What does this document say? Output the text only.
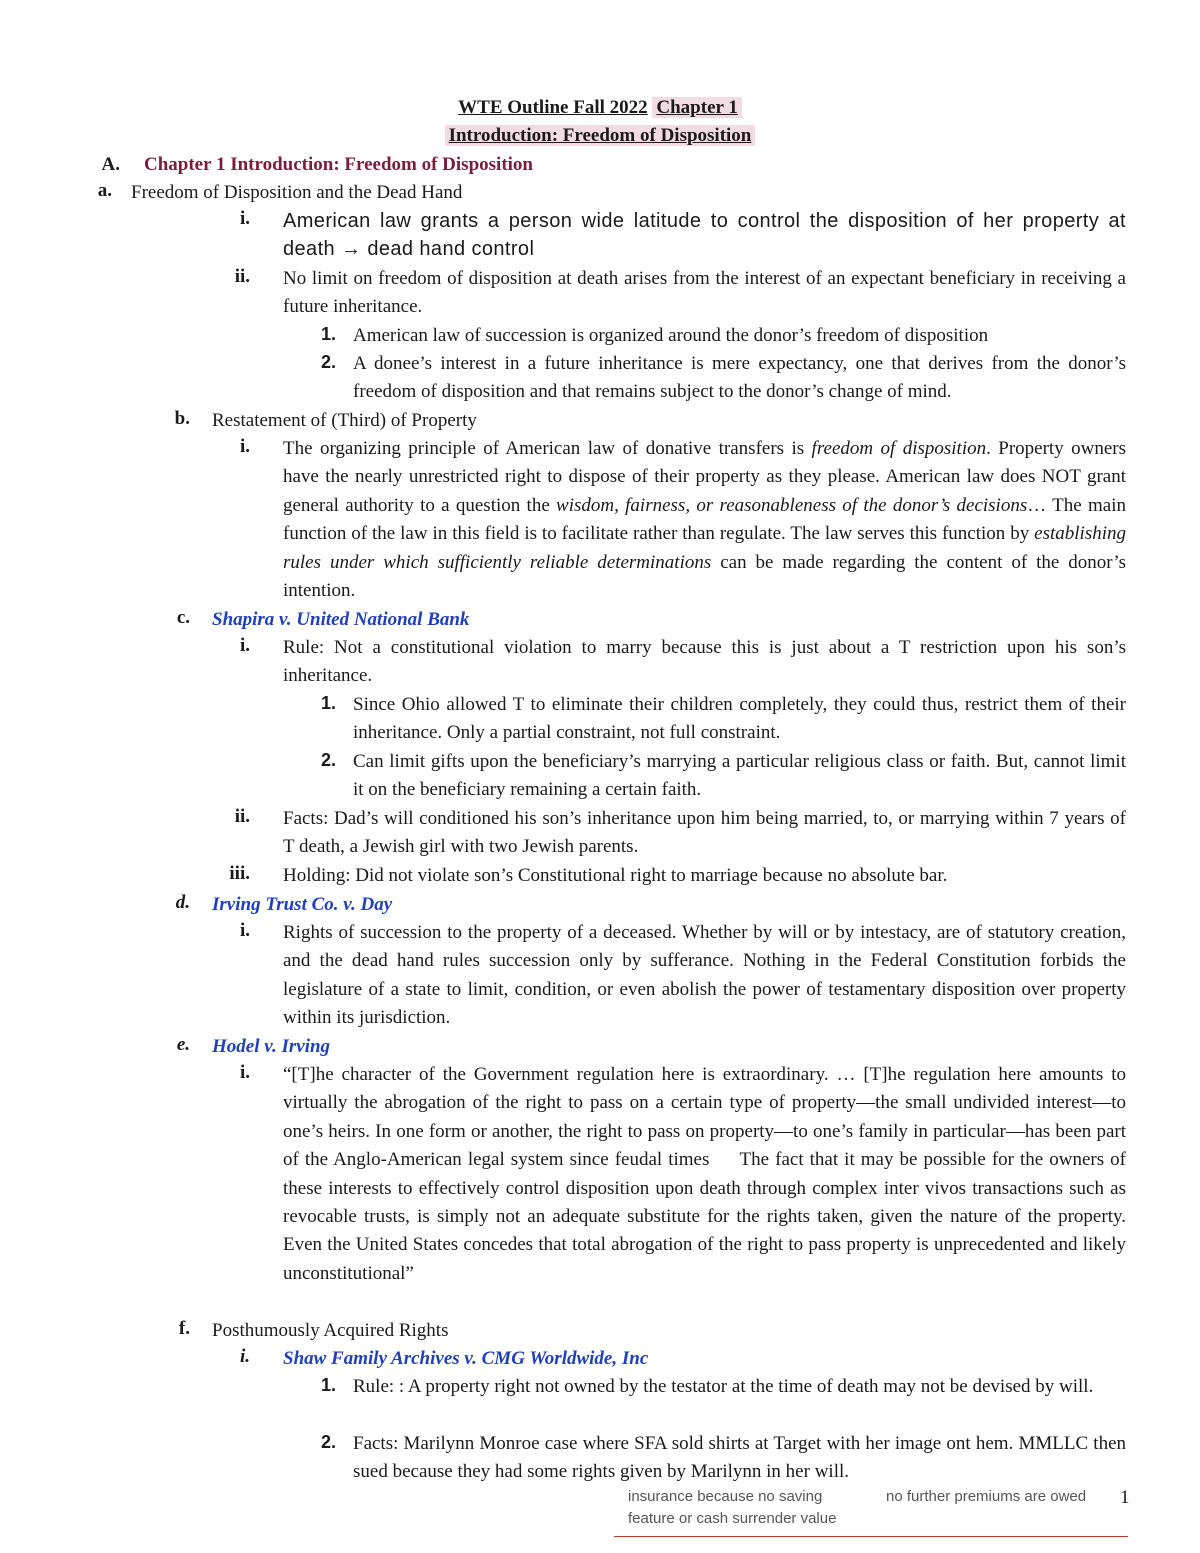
WTE Outline Fall 2022 Chapter 1
Introduction: Freedom of Disposition
A. Chapter 1 Introduction: Freedom of Disposition
a. Freedom of Disposition and the Dead Hand
i. American law grants a person wide latitude to control the disposition of her property at death → dead hand control
ii. No limit on freedom of disposition at death arises from the interest of an expectant beneficiary in receiving a future inheritance.
1. American law of succession is organized around the donor’s freedom of disposition
2. A donee’s interest in a future inheritance is mere expectancy, one that derives from the donor’s freedom of disposition and that remains subject to the donor’s change of mind.
b. Restatement of (Third) of Property
i. The organizing principle of American law of donative transfers is freedom of disposition. Property owners have the nearly unrestricted right to dispose of their property as they please. American law does NOT grant general authority to a question the wisdom, fairness, or reasonableness of the donor’s decisions… The main function of the law in this field is to facilitate rather than regulate. The law serves this function by establishing rules under which sufficiently reliable determinations can be made regarding the content of the donor’s intention.
c. Shapira v. United National Bank
i. Rule: Not a constitutional violation to marry because this is just about a T restriction upon his son’s inheritance.
1. Since Ohio allowed T to eliminate their children completely, they could thus, restrict them of their inheritance. Only a partial constraint, not full constraint.
2. Can limit gifts upon the beneficiary’s marrying a particular religious class or faith. But, cannot limit it on the beneficiary remaining a certain faith.
ii. Facts: Dad’s will conditioned his son’s inheritance upon him being married, to, or marrying within 7 years of T death, a Jewish girl with two Jewish parents.
iii. Holding: Did not violate son’s Constitutional right to marriage because no absolute bar.
d. Irving Trust Co. v. Day
i. Rights of succession to the property of a deceased. Whether by will or by intestacy, are of statutory creation, and the dead hand rules succession only by sufferance. Nothing in the Federal Constitution forbids the legislature of a state to limit, condition, or even abolish the power of testamentary disposition over property within its jurisdiction.
e. Hodel v. Irving
i. “[T]he character of the Government regulation here is extraordinary. … [T]he regulation here amounts to virtually the abrogation of the right to pass on a certain type of property—the small undivided interest—to one’s heirs. In one form or another, the right to pass on property—to one’s family in particular—has been part of the Anglo-American legal system since feudal times     The fact that it may be possible for the owners of these interests to effectively control disposition upon death through complex inter vivos transactions such as revocable trusts, is simply not an adequate substitute for the rights taken, given the nature of the property. Even the United States concedes that total abrogation of the right to pass property is unprecedented and likely unconstitutional”
f. Posthumously Acquired Rights
i. Shaw Family Archives v. CMG Worldwide, Inc
1. Rule: : A property right not owned by the testator at the time of death may not be devised by will.
2. Facts: Marilynn Monroe case where SFA sold shirts at Target with her image ont hem. MMLLC then sued because they had some rights given by Marilynn in her will.
insurance because no saving
feature or cash surrender value
no further premiums are owed 1
